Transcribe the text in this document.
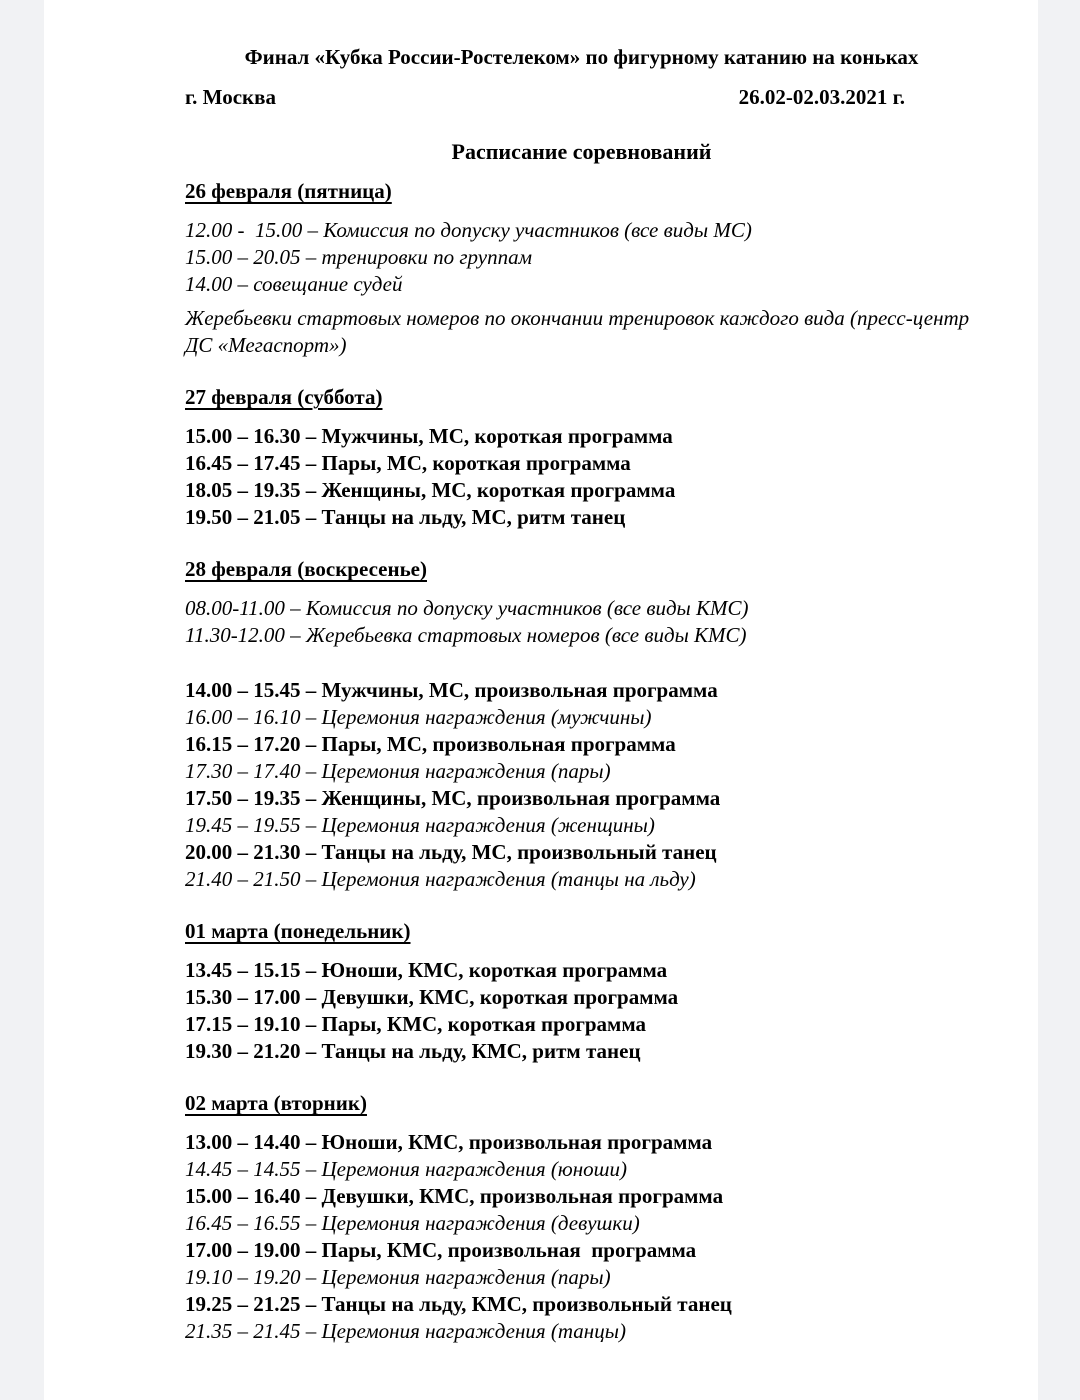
Финал «Кубка России-Ростелеком» по фигурному катанию на коньках
г. Москва	26.02-02.03.2021 г.
Расписание соревнований
26 февраля (пятница)
12.00 -  15.00 – Комиссия по допуску участников (все виды МС)
15.00 – 20.05 – тренировки по группам
14.00 – совещание судей
Жеребьевки стартовых номеров по окончании тренировок каждого вида (пресс-центр ДС «Мегаспорт»)
27 февраля (суббота)
15.00 – 16.30 – Мужчины, МС, короткая программа
16.45 – 17.45 – Пары, МС, короткая программа
18.05 – 19.35 – Женщины, МС, короткая программа
19.50 – 21.05 – Танцы на льду, МС, ритм танец
28 февраля (воскресенье)
08.00-11.00 – Комиссия по допуску участников (все виды КМС)
11.30-12.00 – Жеребьевка стартовых номеров (все виды КМС)
14.00 – 15.45 – Мужчины, МС, произвольная программа
16.00 – 16.10 – Церемония награждения (мужчины)
16.15 – 17.20 – Пары, МС, произвольная программа
17.30 – 17.40 – Церемония награждения (пары)
17.50 – 19.35 – Женщины, МС, произвольная программа
19.45 – 19.55 – Церемония награждения (женщины)
20.00 – 21.30 – Танцы на льду, МС, произвольный танец
21.40 – 21.50 – Церемония награждения (танцы на льду)
01 марта (понедельник)
13.45 – 15.15 – Юноши, КМС, короткая программа
15.30 – 17.00 – Девушки, КМС, короткая программа
17.15 – 19.10 – Пары, КМС, короткая программа
19.30 – 21.20 – Танцы на льду, КМС, ритм танец
02 марта (вторник)
13.00 – 14.40 – Юноши, КМС, произвольная программа
14.45 – 14.55 – Церемония награждения (юноши)
15.00 – 16.40 – Девушки, КМС, произвольная программа
16.45 – 16.55 – Церемония награждения (девушки)
17.00 – 19.00 – Пары, КМС, произвольная  программа
19.10 – 19.20 – Церемония награждения (пары)
19.25 – 21.25 – Танцы на льду, КМС, произвольный танец
21.35 – 21.45 – Церемония награждения (танцы)
